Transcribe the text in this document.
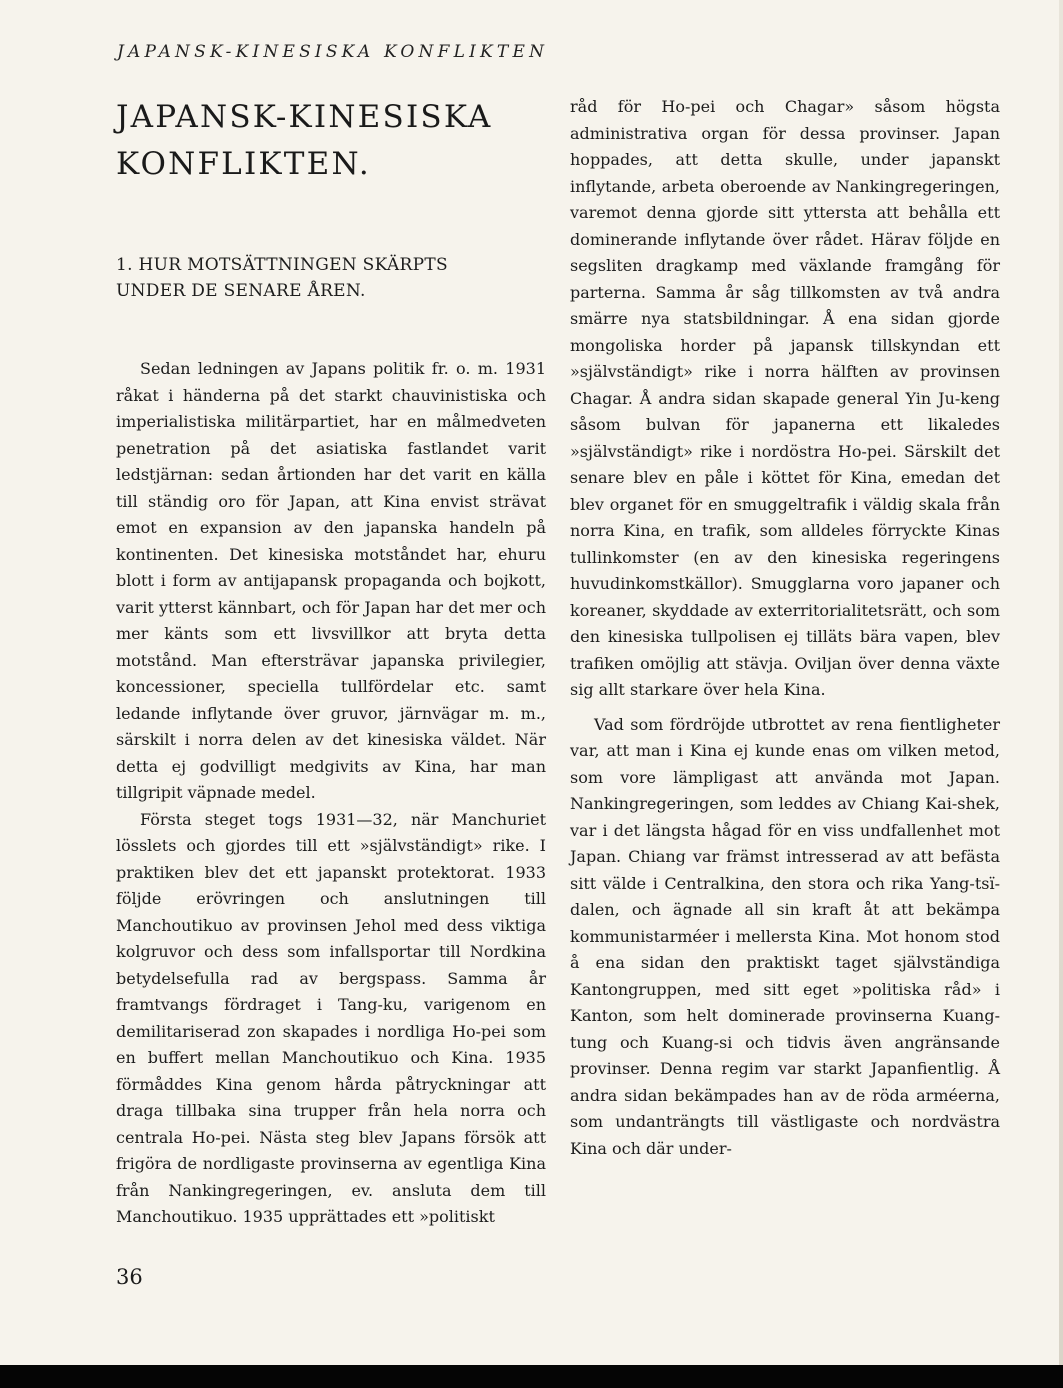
JAPANSK-KINESISKA KONFLIKTEN
JAPANSK-KINESISKA
KONFLIKTEN.
1. HUR MOTSÄTTNINGEN SKÄRPTS
UNDER DE SENARE ÅREN.

Sedan ledningen av Japans politik fr. o. m. 1931 råkat i händerna på det starkt chauvinistiska och imperialistiska militärpartiet, har en målmedveten penetration på det asiatiska fastlandet varit ledstjärnan: sedan årtionden har det varit en källa till ständig oro för Japan, att Kina envist strävat emot en expansion av den japanska handeln på kontinenten. Det kinesiska motståndet har, ehuru blott i form av antijapansk propaganda och bojkott, varit ytterst kännbart, och för Japan har det mer och mer känts som ett livsvillkor att bryta detta motstånd. Man eftersträvar japanska privilegier, koncessioner, speciella tullfördelar etc. samt ledande inflytande över gruvor, järnvägar m. m., särskilt i norra delen av det kinesiska väldet. När detta ej godvilligt medgivits av Kina, har man tillgripit väpnade medel.

Första steget togs 1931—32, när Manchuriet lösslets och gjordes till ett »självständigt» rike. I praktiken blev det ett japanskt protektorat. 1933 följde erövringen och anslutningen till Manchoutikuo av provinsen Jehol med dess viktiga kolgruvor och dess som infallsportar till Nordkina betydelsefulla rad av bergspass. Samma år framtvangs fördraget i Tang-ku, varigenom en demilitariserad zon skapades i nordliga Ho-pei som en buffert mellan Manchoutikuo och Kina. 1935 förmåddes Kina genom hårda påtryckningar att draga tillbaka sina trupper från hela norra och centrala Ho-pei. Nästa steg blev Japans försök att frigöra de nordligaste provinserna av egentliga Kina från Nankingregeringen, ev. ansluta dem till Manchoutikuo. 1935 upprättades ett »politiskt

råd för Ho-pei och Chagar» såsom högsta administrativa organ för dessa provinser. Japan hoppades, att detta skulle, under japanskt inflytande, arbeta oberoende av Nankingregeringen, varemot denna gjorde sitt yttersta att behålla ett dominerande inflytande över rådet. Härav följde en segsliten dragkamp med växlande framgång för parterna. Samma år såg tillkomsten av två andra smärre nya statsbildningar. Å ena sidan gjorde mongoliska horder på japansk tillskyndan ett »självständigt» rike i norra hälften av provinsen Chagar. Å andra sidan skapade general Yin Ju-keng såsom bulvan för japanerna ett likaledes »självständigt» rike i nordöstra Ho-pei. Särskilt det senare blev en påle i köttet för Kina, emedan det blev organet för en smuggeltrafik i väldig skala från norra Kina, en trafik, som alldeles förryckte Kinas tullinkomster (en av den kinesiska regeringens huvudinkomstkällor). Smugglarna voro japaner och koreaner, skyddade av exterritorialitetsrätt, och som den kinesiska tullpolisen ej tilläts bära vapen, blev trafiken omöjlig att stävja. Oviljan över denna växte sig allt starkare över hela Kina.

Vad som fördröjde utbrottet av rena fientligheter var, att man i Kina ej kunde enas om vilken metod, som vore lämpligast att använda mot Japan. Nankingregeringen, som leddes av Chiang Kai-shek, var i det längsta hågad för en viss undfallenhet mot Japan. Chiang var främst intresserad av att befästa sitt välde i Centralkina, den stora och rika Yang-tsï-dalen, och ägnade all sin kraft åt att bekämpa kommunistarméer i mellersta Kina. Mot honom stod å ena sidan den praktiskt taget självständiga Kantongruppen, med sitt eget »politiska råd» i Kanton, som helt dominerade provinserna Kuang-tung och Kuang-si och tidvis även angränsande provinser. Denna regim var starkt Japanfientlig. Å andra sidan bekämpades han av de röda arméerna, som undanträngts till västligaste och nordvästra Kina och där under-

36
